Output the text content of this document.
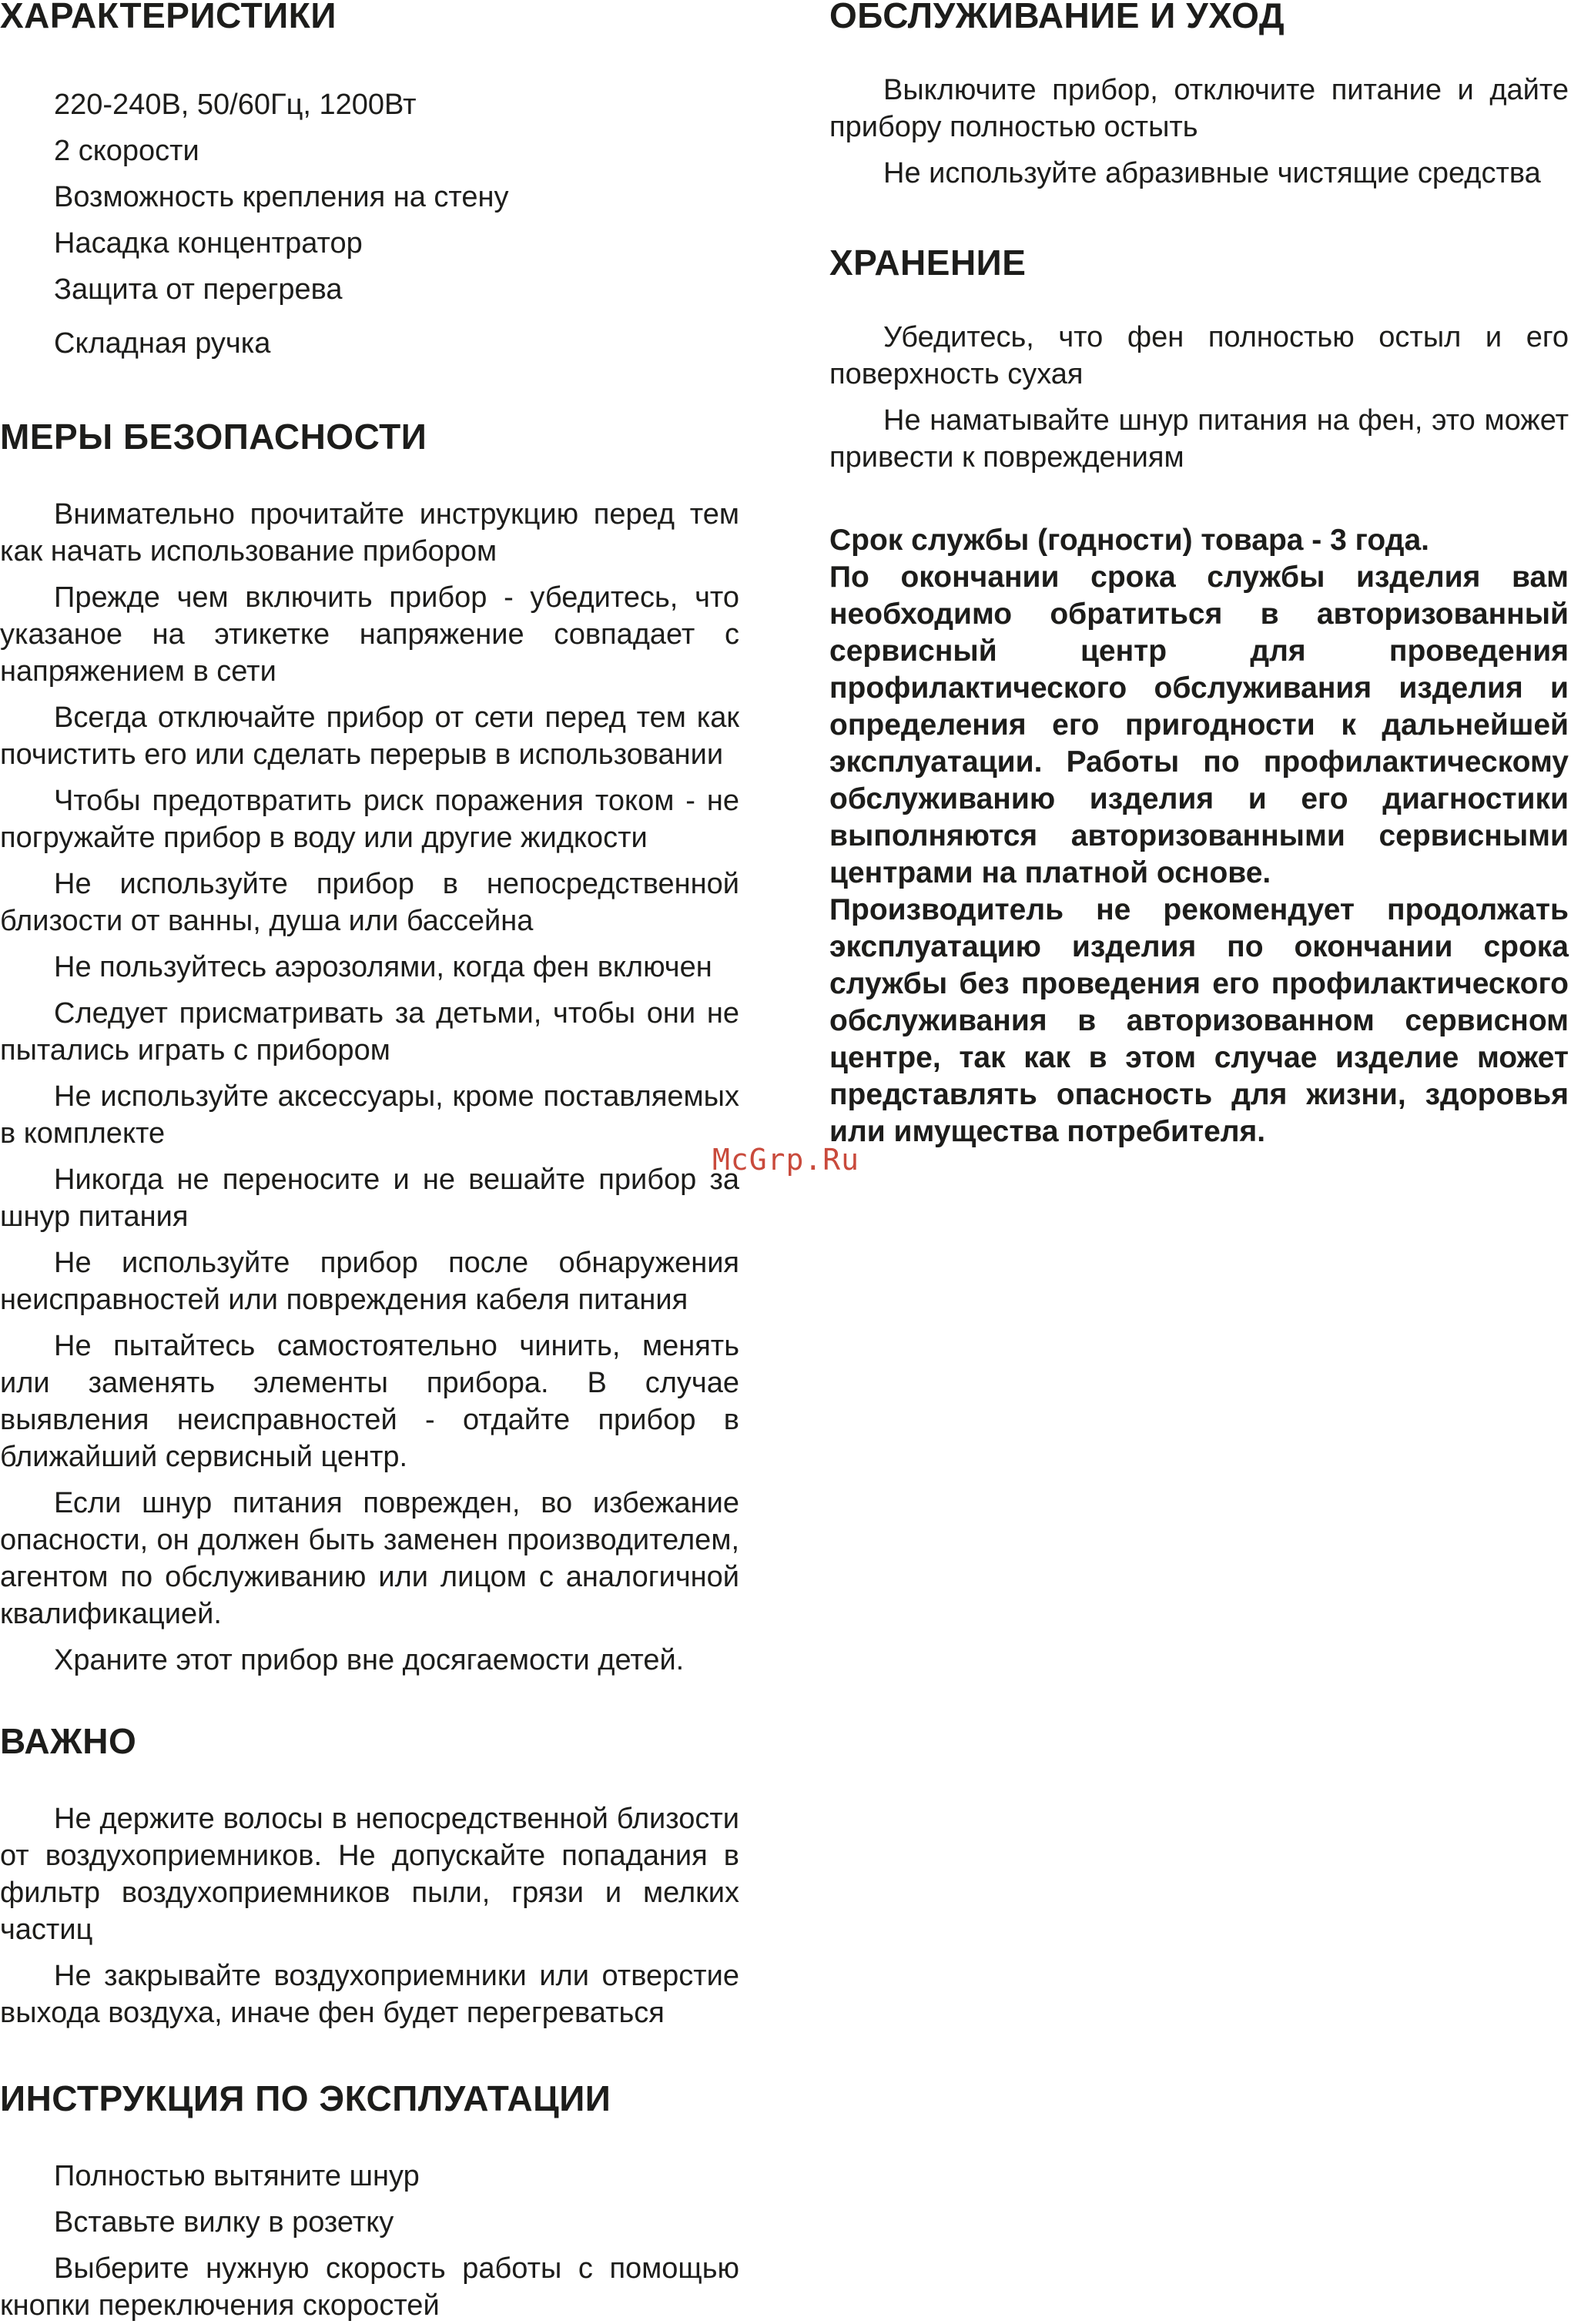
ХАРАКТЕРИСТИКИ

220-240В, 50/60Гц, 1200Вт

2 скорости

Возможность крепления на стену

Насадка концентратор

Защита от перегрева

Складная ручка

МЕРЫ БЕЗОПАСНОСТИ

Внимательно прочитайте инструкцию перед тем как начать использование прибором

Прежде чем включить прибор - убедитесь, что указаное на этикетке напряжение совпадает с напряжением в сети

Всегда отключайте прибор от сети перед тем как почистить его или сделать перерыв в использовании

Чтобы предотвратить риск поражения током - не погружайте прибор в воду или другие жидкости

Не используйте прибор в непосредственной близости от ванны, душа или бассейна

Не пользуйтесь аэрозолями, когда фен включен

Следует присматривать за детьми, чтобы они не пытались играть с прибором

Не используйте аксессуары, кроме поставляемых в комплекте

Никогда не переносите и не вешайте прибор за шнур питания

Не используйте прибор после обнаружения неисправностей или повреждения кабеля питания

Не пытайтесь самостоятельно чинить, менять или заменять элементы прибора. В случае выявления неисправностей - отдайте прибор в ближайший сервисный центр.

Если шнур питания поврежден, во избежание опасности, он должен быть заменен производителем, агентом по обслуживанию или лицом с аналогичной квалификацией.

Храните этот прибор вне досягаемости детей.

ВАЖНО

Не держите волосы в непосредственной близости от воздухоприемников. Не допускайте попадания в фильтр воздухоприемников пыли, грязи и мелких частиц

Не закрывайте воздухоприемники или отверстие выхода воздуха, иначе фен будет перегреваться

ИНСТРУКЦИЯ ПО ЭКСПЛУАТАЦИИ

Полностью вытяните шнур

Вставьте вилку в розетку

Выберите нужную скорость работы с помощью кнопки переключения скоростей

ОБСЛУЖИВАНИЕ И УХОД

Выключите прибор, отключите питание и дайте прибору полностью остыть

Не используйте абразивные чистящие средства

ХРАНЕНИЕ

Убедитесь, что фен полностью остыл и его поверхность сухая

Не наматывайте шнур питания на фен, это может привести к повреждениям

Срок службы (годности) товара - 3 года.

По окончании срока службы изделия вам необходимо обратиться в авторизованный сервисный центр для проведения профилактического обслуживания изделия и определения его пригодности к дальнейшей эксплуатации. Работы по профилактическому обслуживанию изделия и его диагностики выполняются авторизованными сервисными центрами на платной основе.

Производитель не рекомендует продолжать эксплуатацию изделия по окончании срока службы без проведения его профилактического обслуживания в авторизованном сервисном центре, так как в этом случае изделие может представлять опасность для жизни, здоровья или имущества потребителя.

McGrp.Ru
